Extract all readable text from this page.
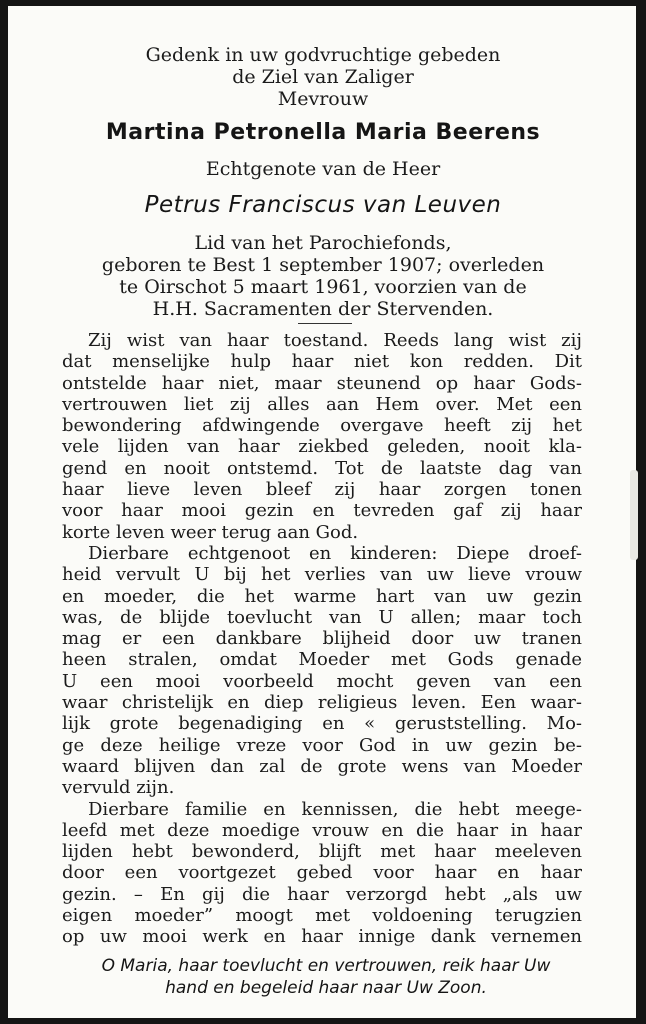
Gedenk in uw godvruchtige gebeden
de Ziel van Zaliger
Mevrouw
Martina Petronella Maria Beerens
Echtgenote van de Heer
Petrus Franciscus van Leuven
Lid van het Parochiefonds,
geboren te Best 1 september 1907; overleden
te Oirschot 5 maart 1961, voorzien van de
H.H. Sacramenten der Stervenden.
Zij wist van haar toestand. Reeds lang wist zij
dat menselijke hulp haar niet kon redden. Dit
ontstelde haar niet, maar steunend op haar Gods-
vertrouwen liet zij alles aan Hem over. Met een
bewondering afdwingende overgave heeft zij het
vele lijden van haar ziekbed geleden, nooit kla-
gend en nooit ontstemd. Tot de laatste dag van
haar lieve leven bleef zij haar zorgen tonen
voor haar mooi gezin en tevreden gaf zij haar
korte leven weer terug aan God.
Dierbare echtgenoot en kinderen: Diepe droef-
heid vervult U bij het verlies van uw lieve vrouw
en moeder, die het warme hart van uw gezin
was, de blijde toevlucht van U allen; maar toch
mag er een dankbare blijheid door uw tranen
heen stralen, omdat Moeder met Gods genade
U een mooi voorbeeld mocht geven van een
waar christelijk en diep religieus leven. Een waar-
lijk grote begenadiging en « geruststelling. Mo-
ge deze heilige vreze voor God in uw gezin be-
waard blijven dan zal de grote wens van Moeder
vervuld zijn.
Dierbare familie en kennissen, die hebt meege-
leefd met deze moedige vrouw en die haar in haar
lijden hebt bewonderd, blijft met haar meeleven
door een voortgezet gebed voor haar en haar
gezin. – En gij die haar verzorgd hebt „als uw
eigen moeder” moogt met voldoening terugzien
op uw mooi werk en haar innige dank vernemen
O Maria, haar toevlucht en vertrouwen, reik haar Uw
hand en begeleid haar naar Uw Zoon.
